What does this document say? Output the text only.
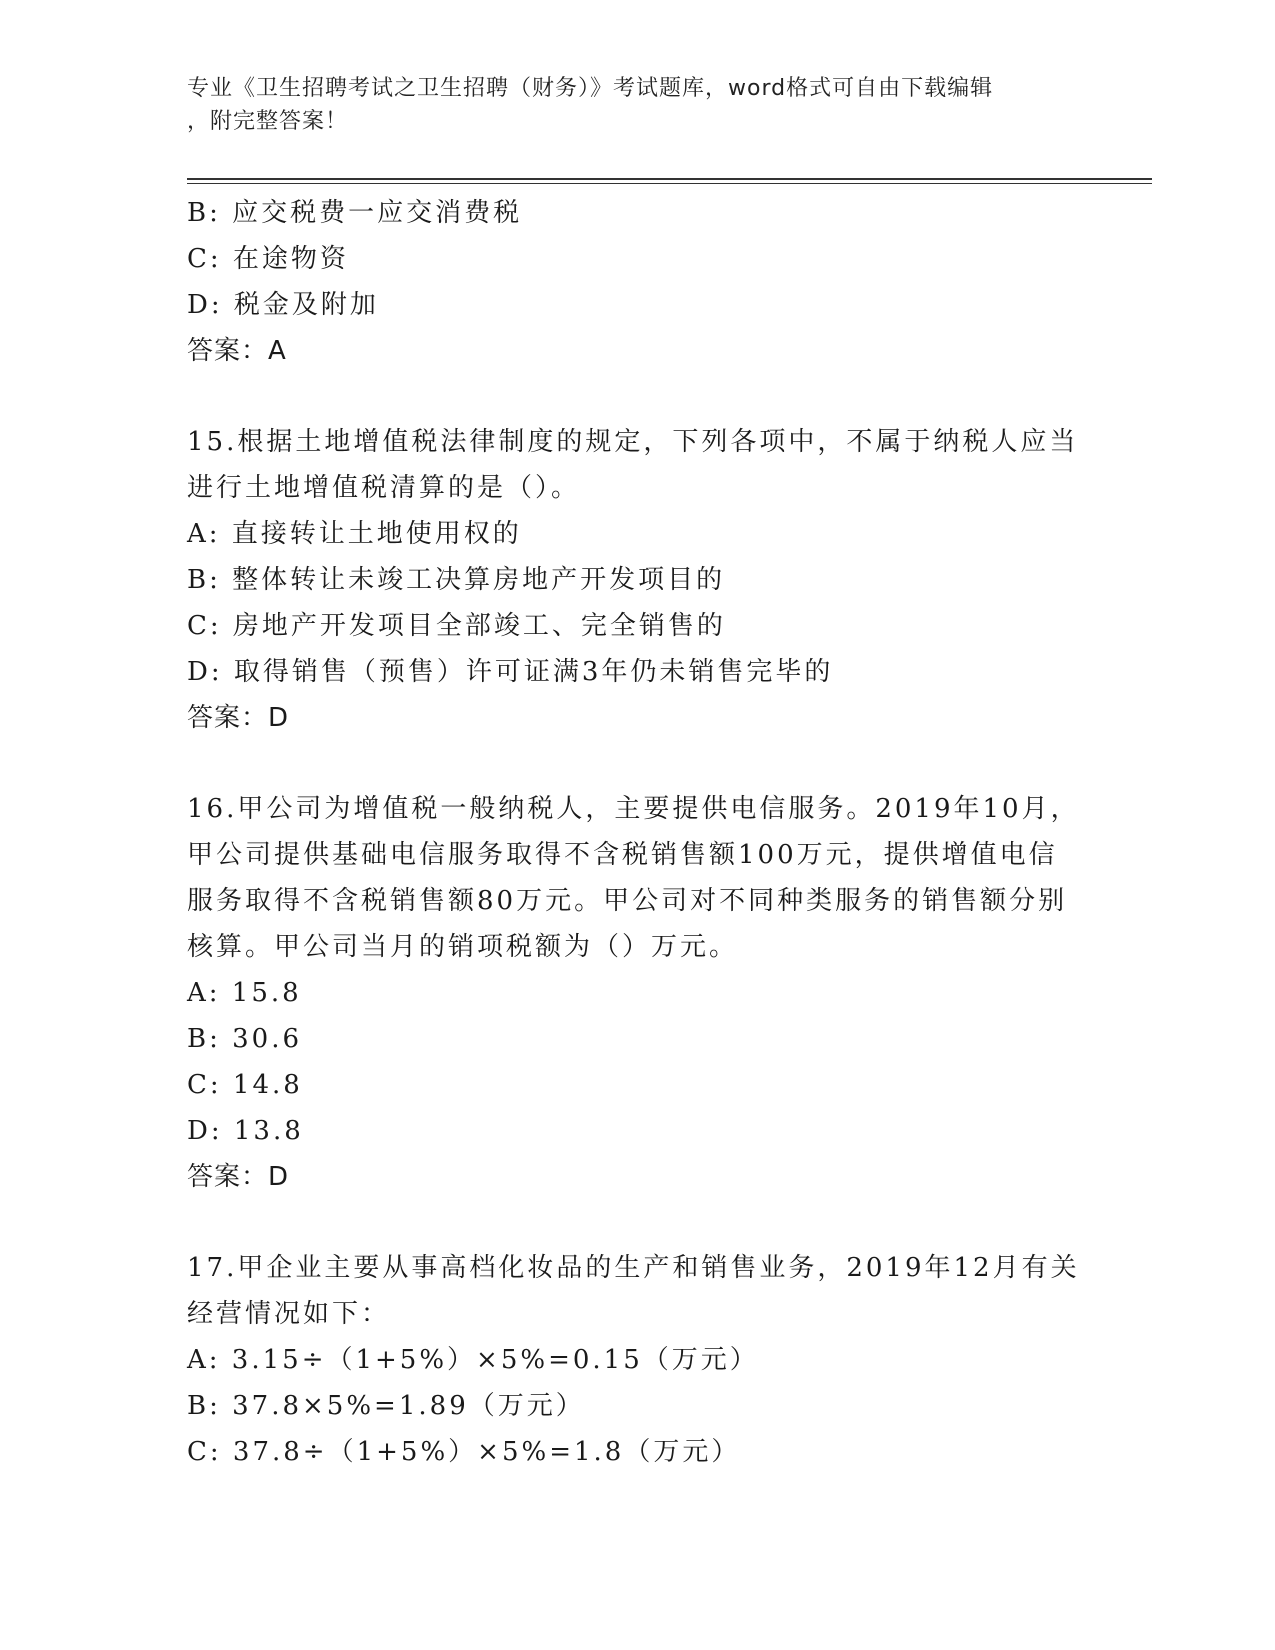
专业《卫生招聘考试之卫生招聘（财务）》考试题库，word格式可自由下载编辑
，附完整答案！
B: 应交税费一应交消费税
C: 在途物资
D: 税金及附加
答案：A
15.根据土地增值税法律制度的规定，下列各项中，不属于纳税人应当
进行土地增值税清算的是（）。
A: 直接转让土地使用权的
B: 整体转让未竣工决算房地产开发项目的
C: 房地产开发项目全部竣工、完全销售的
D: 取得销售（预售）许可证满3年仍未销售完毕的
答案：D
16.甲公司为增值税一般纳税人，主要提供电信服务。2019年10月，
甲公司提供基础电信服务取得不含税销售额100万元，提供增值电信
服务取得不含税销售额80万元。甲公司对不同种类服务的销售额分别
核算。甲公司当月的销项税额为（）万元。
A: 15.8
B: 30.6
C: 14.8
D: 13.8
答案：D
17.甲企业主要从事高档化妆品的生产和销售业务，2019年12月有关
经营情况如下：
A: 3.15÷（1+5%）×5%=0.15（万元）
B: 37.8×5%=1.89（万元）
C: 37.8÷（1+5%）×5%=1.8（万元）
